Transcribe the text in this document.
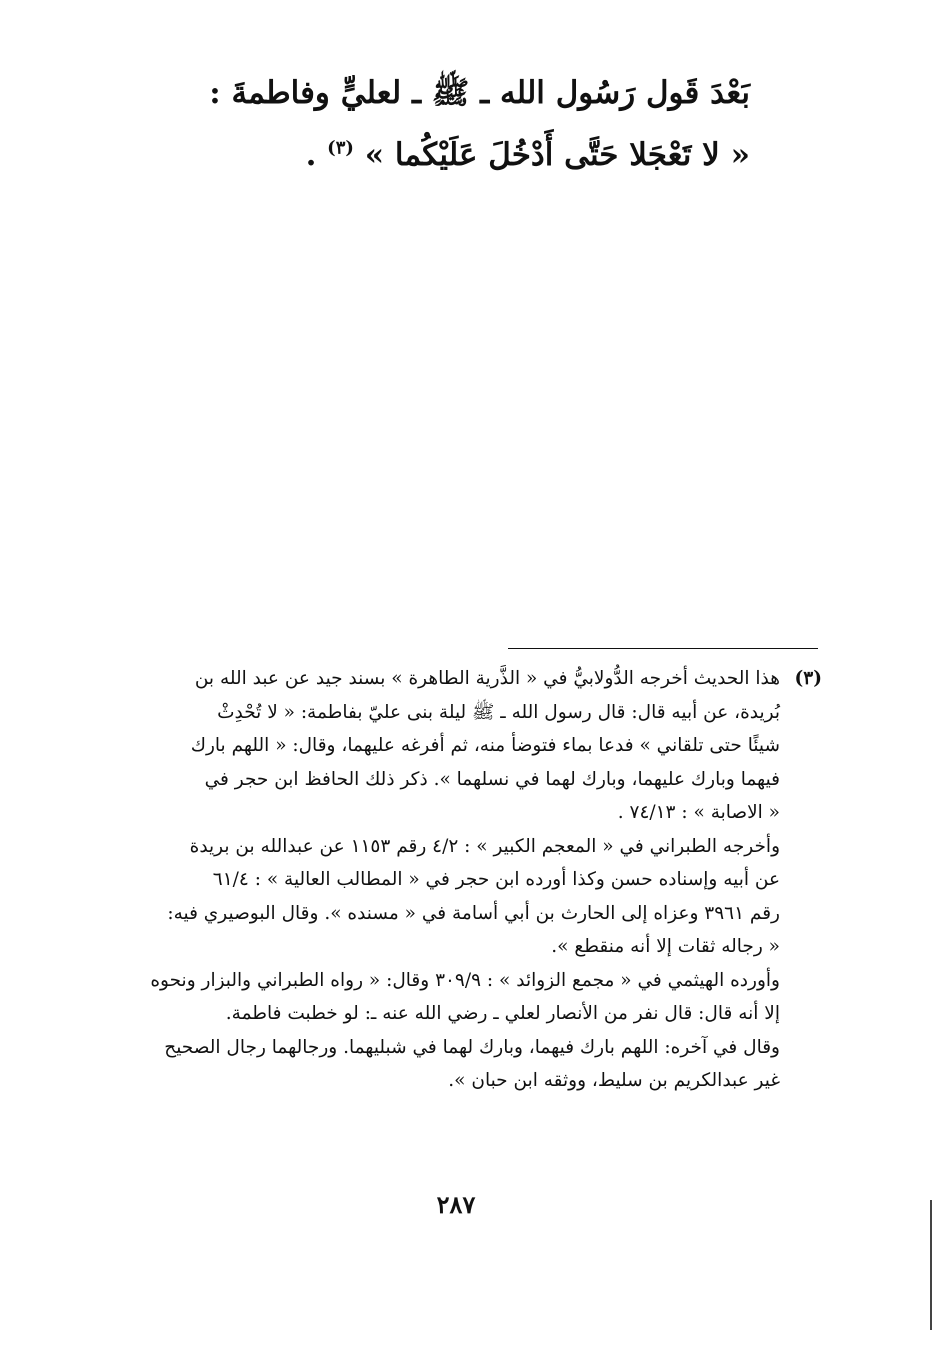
بَعْدَ قَول رَسُول الله ـ ﷺ ـ لعليٍّ وفاطمةَ :
« لا تَعْجَلا حَتَّى أَدْخُلَ عَلَيْكُما » $^{(٣)}$ .
(٣)
هذا الحديث أخرجه الدُّولابيُّ في « الذَّرية الطاهرة » بسند جيد عن عبد الله بن
بُريدة، عن أبيه قال: قال رسول الله ـ ﷺ ليلة بنى عليّ بفاطمة: « لا تُحْدِثْ
شيئًا حتى تلقاني » فدعا بماء فتوضأ منه، ثم أفرغه عليهما، وقال: « اللهم بارك
فيهما وبارك عليهما، وبارك لهما في نسلهما ». ذكر ذلك الحافظ ابن حجر في
« الاصابة » : ٧٤/١٣ .
وأخرجه الطبراني في « المعجم الكبير » : ٤/٢ رقم ١١٥٣ عن عبدالله بن بريدة
عن أبيه وإسناده حسن وكذا أورده ابن حجر في « المطالب العالية » : ٦١/٤
رقم ٣٩٦١ وعزاه إلى الحارث بن أبي أسامة في « مسنده ». وقال البوصيري فيه:
« رجاله ثقات إلا أنه منقطع ».
وأورده الهيثمي في « مجمع الزوائد » : ٣٠٩/٩ وقال: « رواه الطبراني والبزار ونحوه
إلا أنه قال: قال نفر من الأنصار لعلي ـ رضي الله عنه ـ: لو خطبت فاطمة.
وقال في آخره: اللهم بارك فيهما، وبارك لهما في شبليهما. ورجالهما رجال الصحيح
غير عبدالكريم بن سليط، ووثقه ابن حبان ».
٢٨٧
